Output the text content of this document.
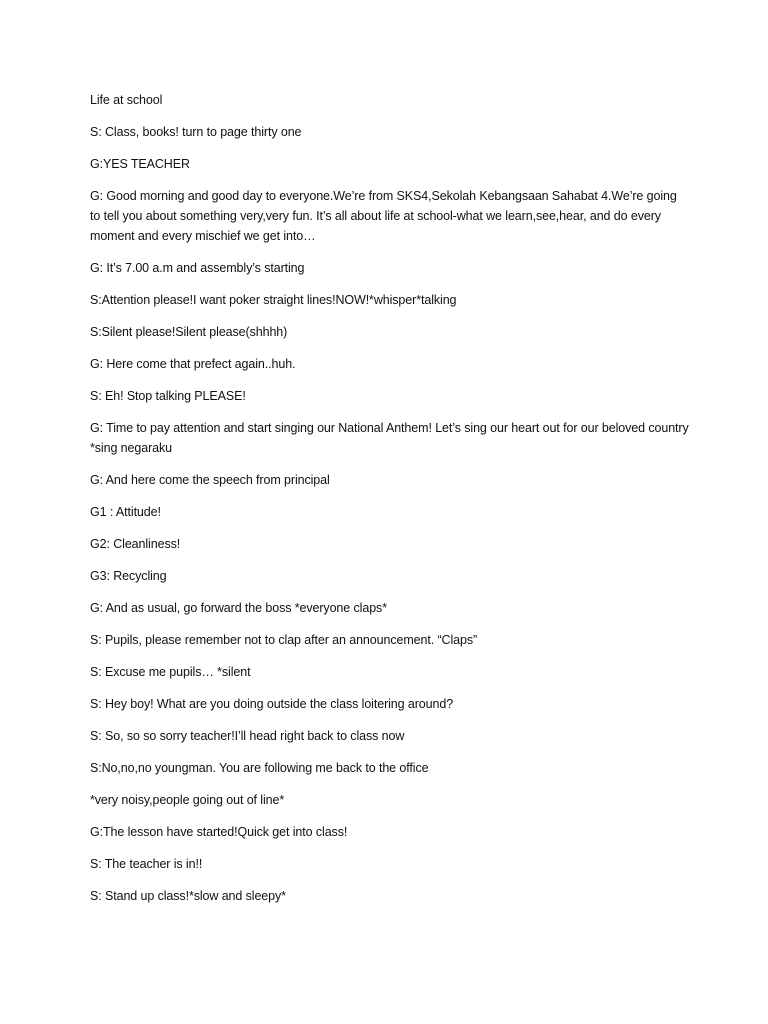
Life at school

S: Class, books! turn to page thirty one

G:YES TEACHER

G: Good morning and good day to everyone.We’re from SKS4,Sekolah Kebangsaan Sahabat 4.We’re going to tell you about something very,very fun. It’s all about life at school-what we learn,see,hear, and do every moment and every mischief we get into…

G: It’s 7.00 a.m and assembly’s starting

S:Attention please!I want poker straight lines!NOW!*whisper*talking

S:Silent please!Silent please(shhhh)

G: Here come that prefect again..huh.

S: Eh! Stop talking PLEASE!

G: Time to pay attention and start singing our National Anthem! Let’s sing our heart out for our beloved country *sing negaraku

G: And here come the speech from principal

G1 : Attitude!

G2: Cleanliness!

G3: Recycling

G: And as usual, go forward the boss *everyone claps*

S: Pupils, please remember not to clap after an announcement. “Claps”

S: Excuse me pupils… *silent

S: Hey boy! What are you doing outside the class loitering around?

S: So, so so sorry teacher!I’ll head right back to class now

S:No,no,no youngman. You are following me back to the office

*very noisy,people going out of line*

G:The lesson have started!Quick get into class!

S: The teacher is in!!

S: Stand up class!*slow and sleepy*
